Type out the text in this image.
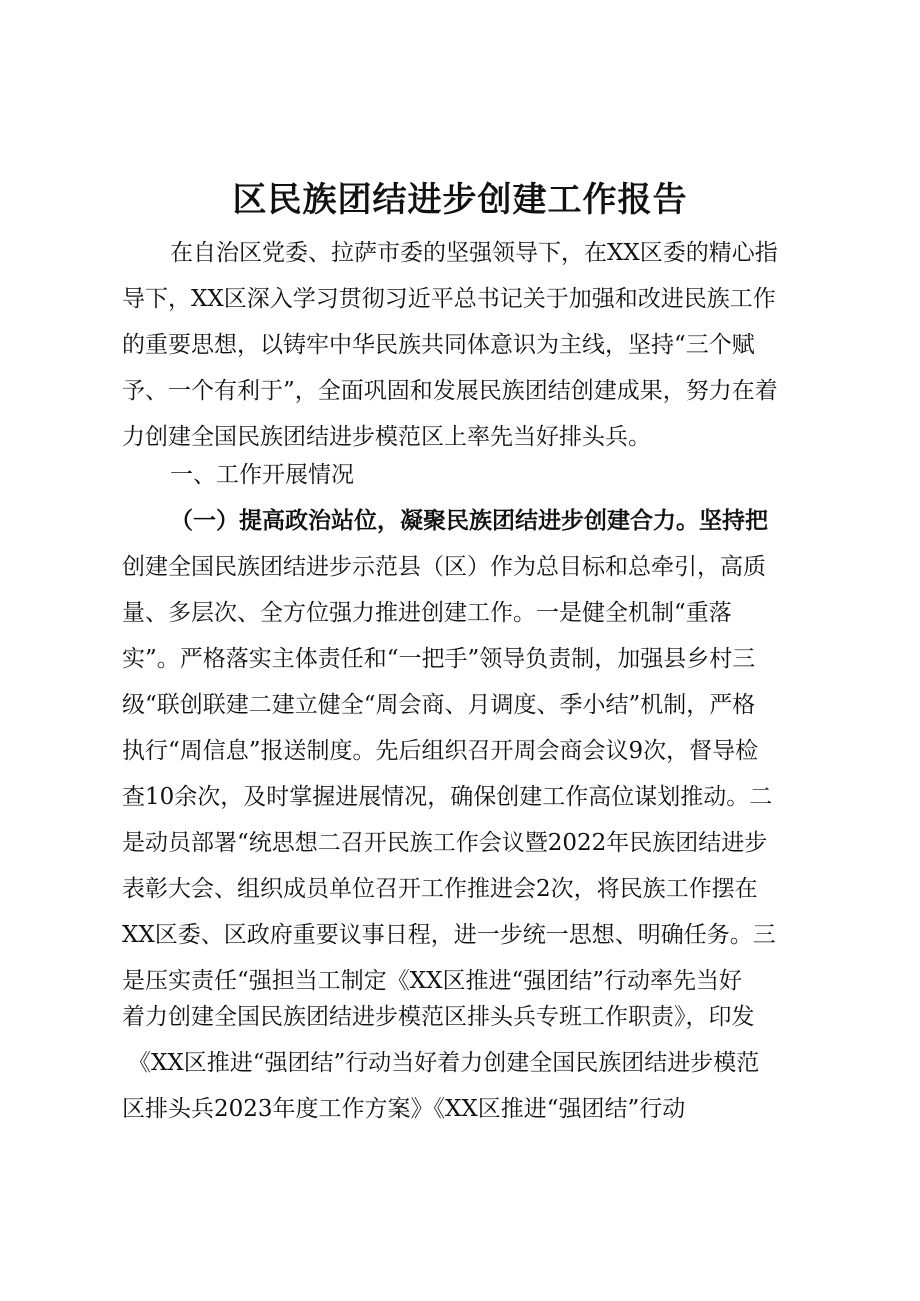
区民族团结进步创建工作报告
在自治区党委、拉萨市委的坚强领导下，在XX区委的精心指
导下，XX区深入学习贯彻习近平总书记关于加强和改进民族工作
的重要思想，以铸牢中华民族共同体意识为主线，坚持“三个赋
予、一个有利于”，全面巩固和发展民族团结创建成果，努力在着
力创建全国民族团结进步模范区上率先当好排头兵。
一、工作开展情况
（一）提高政治站位，凝聚民族团结进步创建合力。坚持把
创建全国民族团结进步示范县（区）作为总目标和总牵引，高质
量、多层次、全方位强力推进创建工作。一是健全机制“重落
实”。严格落实主体责任和“一把手”领导负责制，加强县乡村三
级“联创联建二建立健全“周会商、月调度、季小结”机制，严格
执行“周信息”报送制度。先后组织召开周会商会议9次，督导检
查10余次，及时掌握进展情况，确保创建工作高位谋划推动。二
是动员部署“统思想二召开民族工作会议暨2022年民族团结进步
表彰大会、组织成员单位召开工作推进会2次，将民族工作摆在
XX区委、区政府重要议事日程，进一步统一思想、明确任务。三
是压实责任“强担当工制定《XX区推进“强团结”行动率先当好
着力创建全国民族团结进步模范区排头兵专班工作职责》，印发
《XX区推进“强团结”行动当好着力创建全国民族团结进步模范
区排头兵2023年度工作方案》《XX区推进“强团结”行动
